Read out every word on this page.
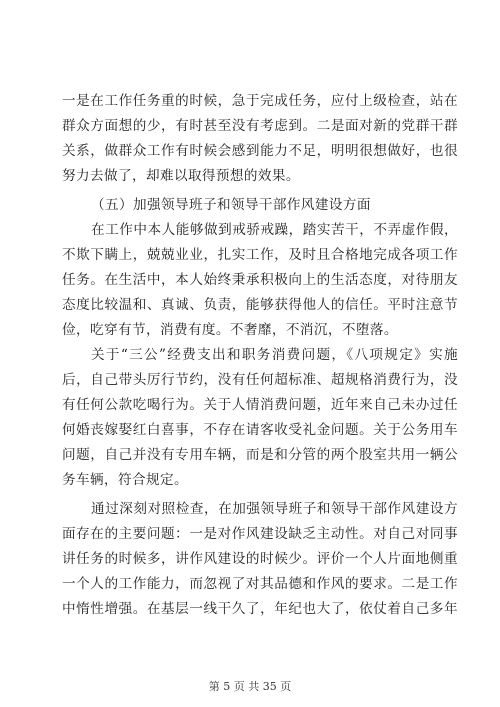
一是在工作任务重的时候，急于完成任务，应付上级检查，站在
群众方面想的少，有时甚至没有考虑到。二是面对新的党群干群
关系，做群众工作有时候会感到能力不足，明明很想做好，也很
努力去做了，却难以取得预想的效果。
（五）加强领导班子和领导干部作风建设方面
在工作中本人能够做到戒骄戒躁，踏实苦干，不弄虚作假，
不欺下瞒上，兢兢业业，扎实工作，及时且合格地完成各项工作
任务。在生活中，本人始终秉承积极向上的生活态度，对待朋友
态度比较温和、真诚、负责，能够获得他人的信任。平时注意节
俭，吃穿有节，消费有度。不奢靡，不消沉，不堕落。
关于“三公”经费支出和职务消费问题，《八项规定》实施
后，自己带头厉行节约，没有任何超标准、超规格消费行为，没
有任何公款吃喝行为。关于人情消费问题，近年来自己未办过任
何婚丧嫁娶红白喜事，不存在请客收受礼金问题。关于公务用车
问题，自己并没有专用车辆，而是和分管的两个股室共用一辆公
务车辆，符合规定。
通过深刻对照检查，在加强领导班子和领导干部作风建设方
面存在的主要问题：一是对作风建设缺乏主动性。对自己对同事
讲任务的时候多，讲作风建设的时候少。评价一个人片面地侧重
一个人的工作能力，而忽视了对其品德和作风的要求。二是工作
中惰性增强。在基层一线干久了，年纪也大了，依仗着自己多年
第 5 页 共 35 页
